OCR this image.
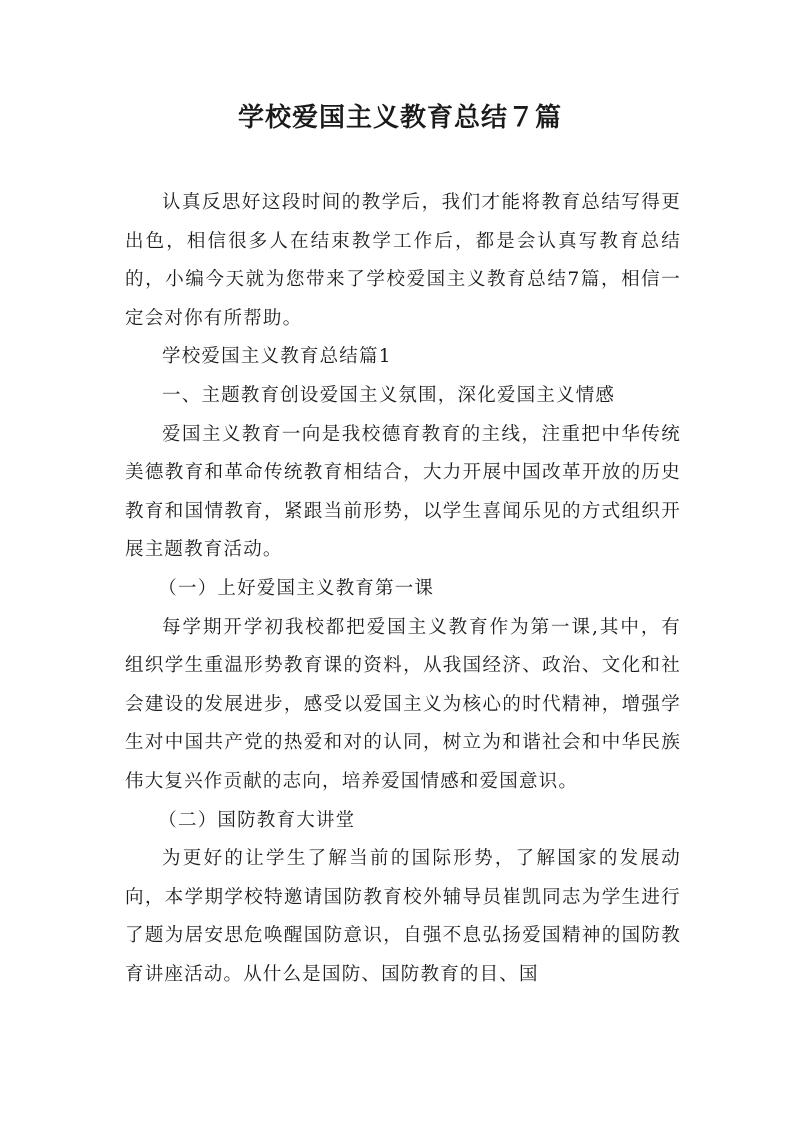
学校爱国主义教育总结７篇

认真反思好这段时间的教学后，我们才能将教育总结写得更出色，相信很多人在结束教学工作后，都是会认真写教育总结的，小编今天就为您带来了学校爱国主义教育总结7篇，相信一定会对你有所帮助。

学校爱国主义教育总结篇1

一、主题教育创设爱国主义氛围，深化爱国主义情感

爱国主义教育一向是我校德育教育的主线，注重把中华传统美德教育和革命传统教育相结合，大力开展中国改革开放的历史教育和国情教育，紧跟当前形势，以学生喜闻乐见的方式组织开展主题教育活动。

（一）上好爱国主义教育第一课

每学期开学初我校都把爱国主义教育作为第一课,其中，有组织学生重温形势教育课的资料，从我国经济、政治、文化和社会建设的发展进步，感受以爱国主义为核心的时代精神，增强学生对中国共产党的热爱和对的认同，树立为和谐社会和中华民族伟大复兴作贡献的志向，培养爱国情感和爱国意识。

（二）国防教育大讲堂

为更好的让学生了解当前的国际形势，了解国家的发展动向，本学期学校特邀请国防教育校外辅导员崔凯同志为学生进行了题为居安思危唤醒国防意识，自强不息弘扬爱国精神的国防教育讲座活动。从什么是国防、国防教育的目、国
